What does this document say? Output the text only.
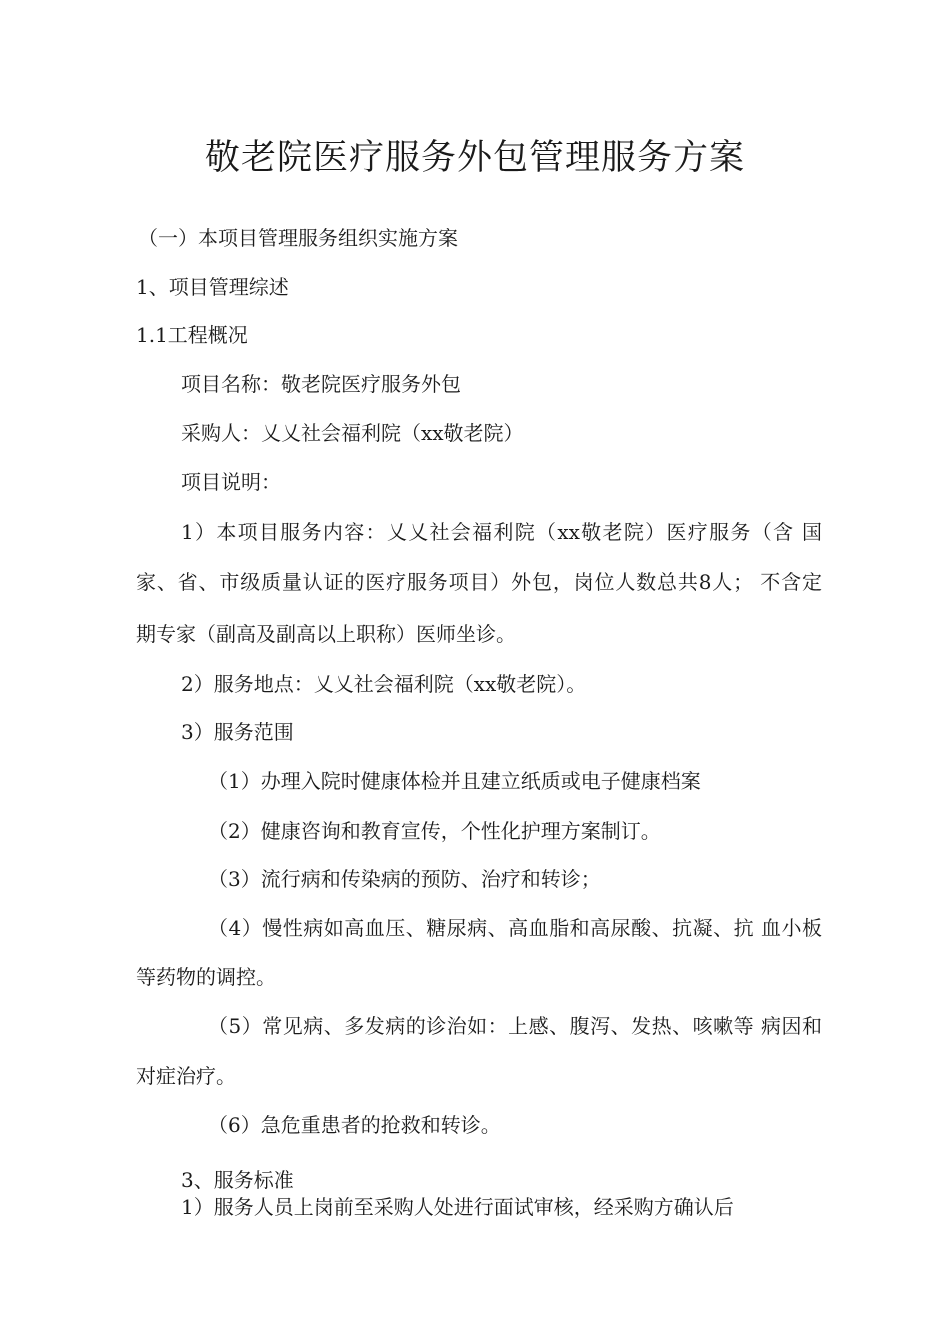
敬老院医疗服务外包管理服务方案

（一）本项目管理服务组织实施方案

1、项目管理综述

1.1工程概况

项目名称：敬老院医疗服务外包

采购人：乂乂社会福利院（xx敬老院）

项目说明：

1）本项目服务内容：乂乂社会福利院（xx敬老院）医疗服务（含 国

家、省、市级质量认证的医疗服务项目）外包，岗位人数总共8人； 不含定

期专家（副高及副高以上职称）医师坐诊。

2）服务地点：乂乂社会福利院（xx敬老院）。

3）服务范围

（1）办理入院时健康体检并且建立纸质或电子健康档案

（2）健康咨询和教育宣传，个性化护理方案制订。

（3）流行病和传染病的预防、治疗和转诊；

（4）慢性病如高血压、糖尿病、高血脂和高尿酸、抗凝、抗 血小板

等药物的调控。

（5）常见病、多发病的诊治如：上感、腹泻、发热、咳嗽等 病因和

对症治疗。

（6）急危重患者的抢救和转诊。

3、服务标准

1）服务人员上岗前至采购人处进行面试审核，经采购方确认后
